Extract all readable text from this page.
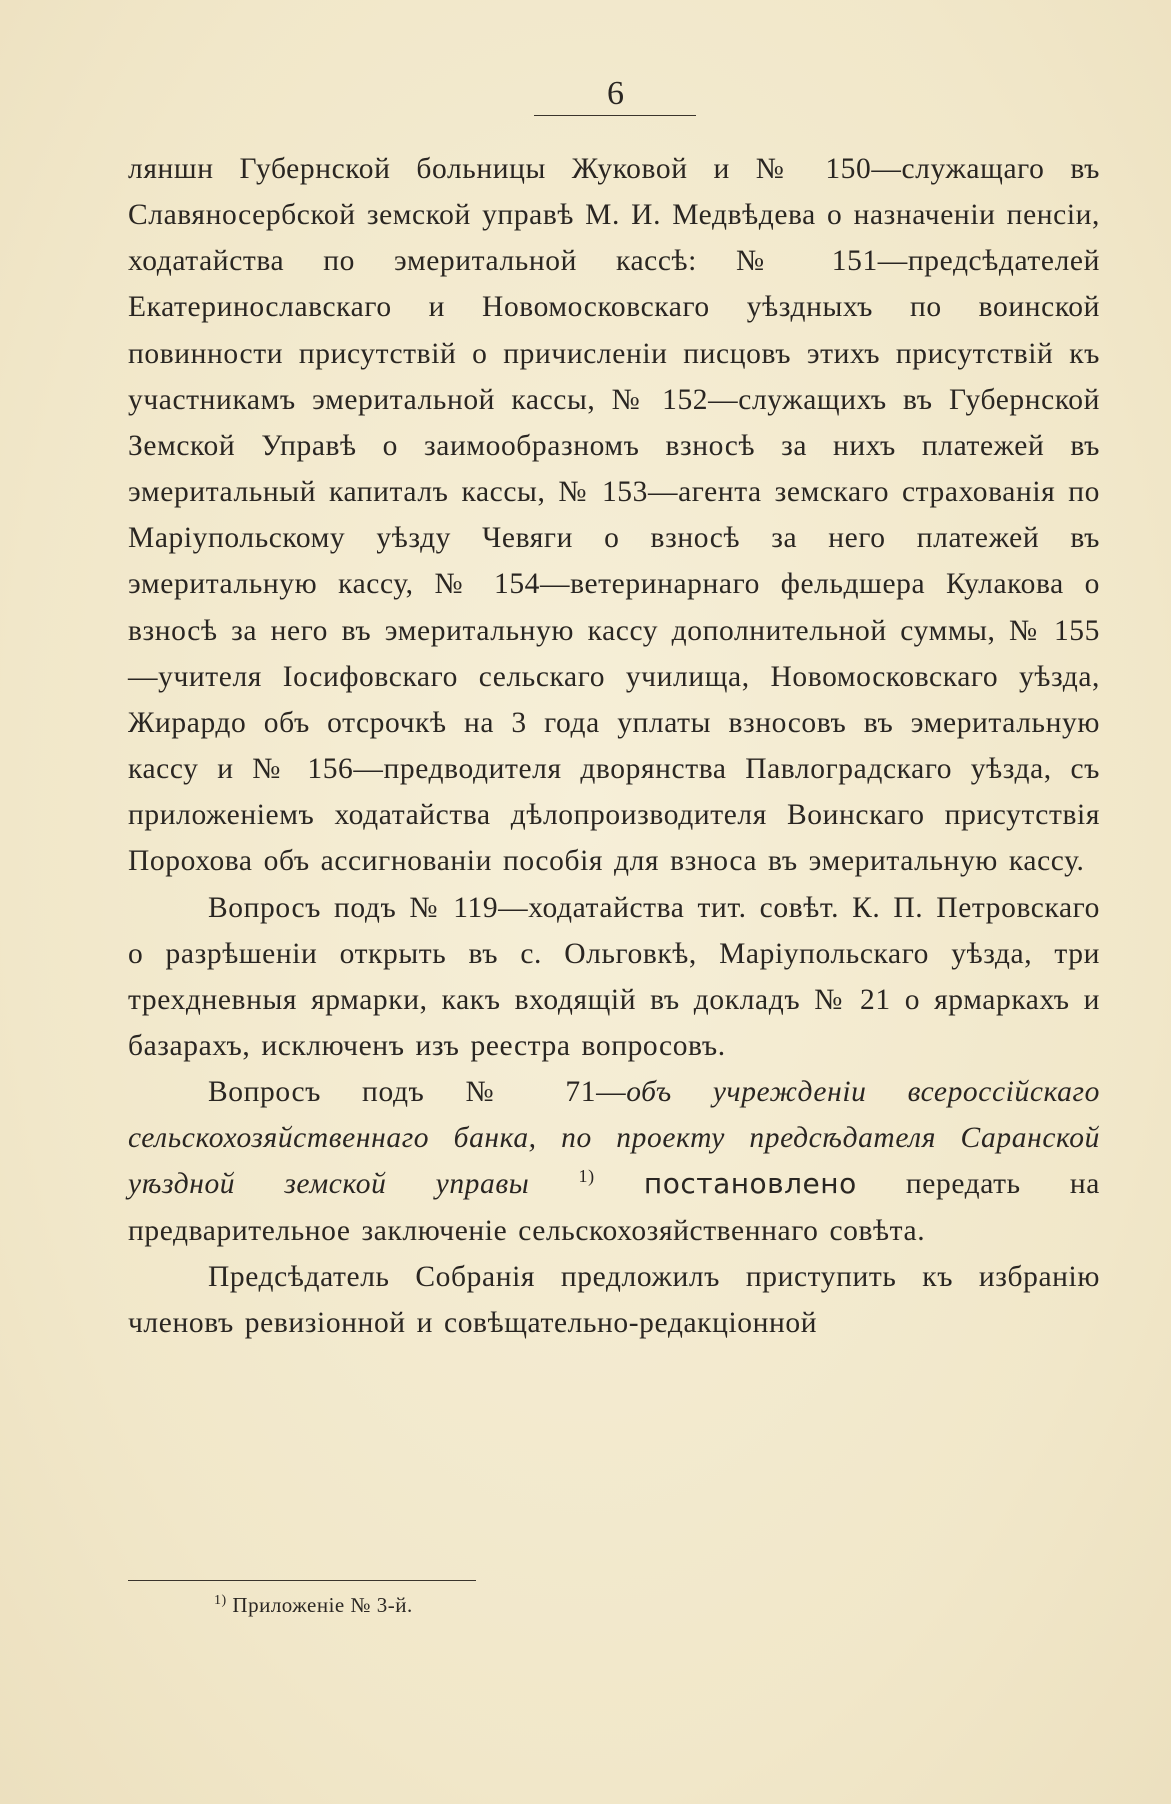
6

ляншн Губернской больницы Жуковой и № 150—служащаго въ Славяносербской земской управѣ М. И. Медвѣдева о назначеніи пенсіи, ходатайства по эмеритальной кассѣ: № 151—предсѣдателей Екатеринославскаго и Новомосковскаго уѣздныхъ по воинской повинности присутствій о причисленіи писцовъ этихъ присутствій къ участникамъ эмеритальной кассы, № 152—служащихъ въ Губернской Земской Управѣ о заимообразномъ взносѣ за нихъ платежей въ эмеритальный капиталъ кассы, № 153—агента земскаго страхованія по Маріупольскому уѣзду Чевяги о взносѣ за него платежей въ эмеритальную кассу, № 154—ветеринарнаго фельдшера Кулакова о взносѣ за него въ эмеритальную кассу дополнительной суммы, № 155—учителя Іосифовскаго сельскаго училища, Новомосковскаго уѣзда, Жирардо объ отсрочкѣ на 3 года уплаты взносовъ въ эмеритальную кассу и № 156—предводителя дворянства Павлоградскаго уѣзда, съ приложеніемъ ходатайства дѣлопроизводителя Воинскаго присутствія Порохова объ ассигнованіи пособія для взноса въ эмеритальную кассу.

Вопросъ подъ № 119—ходатайства тит. совѣт. К. П. Петровскаго о разрѣшеніи открыть въ с. Ольговкѣ, Маріупольскаго уѣзда, три трехдневныя ярмарки, какъ входящій въ докладъ № 21 о ярмаркахъ и базарахъ, исключенъ изъ реестра вопросовъ.

Вопросъ подъ № 71—объ учрежденіи всероссійскаго сельскохозяйственнаго банка, по проекту предсѣдателя Саранской уѣздной земской управы	$^{1)}$ постановлено передать на предварительное заключеніе сельскохозяйственнаго совѣта.

Предсѣдатель Собранія предложилъ приступить къ избранію членовъ ревизіонной и совѣщательно-редакціонной

$^{1)}$ Приложеніе № 3-й.
